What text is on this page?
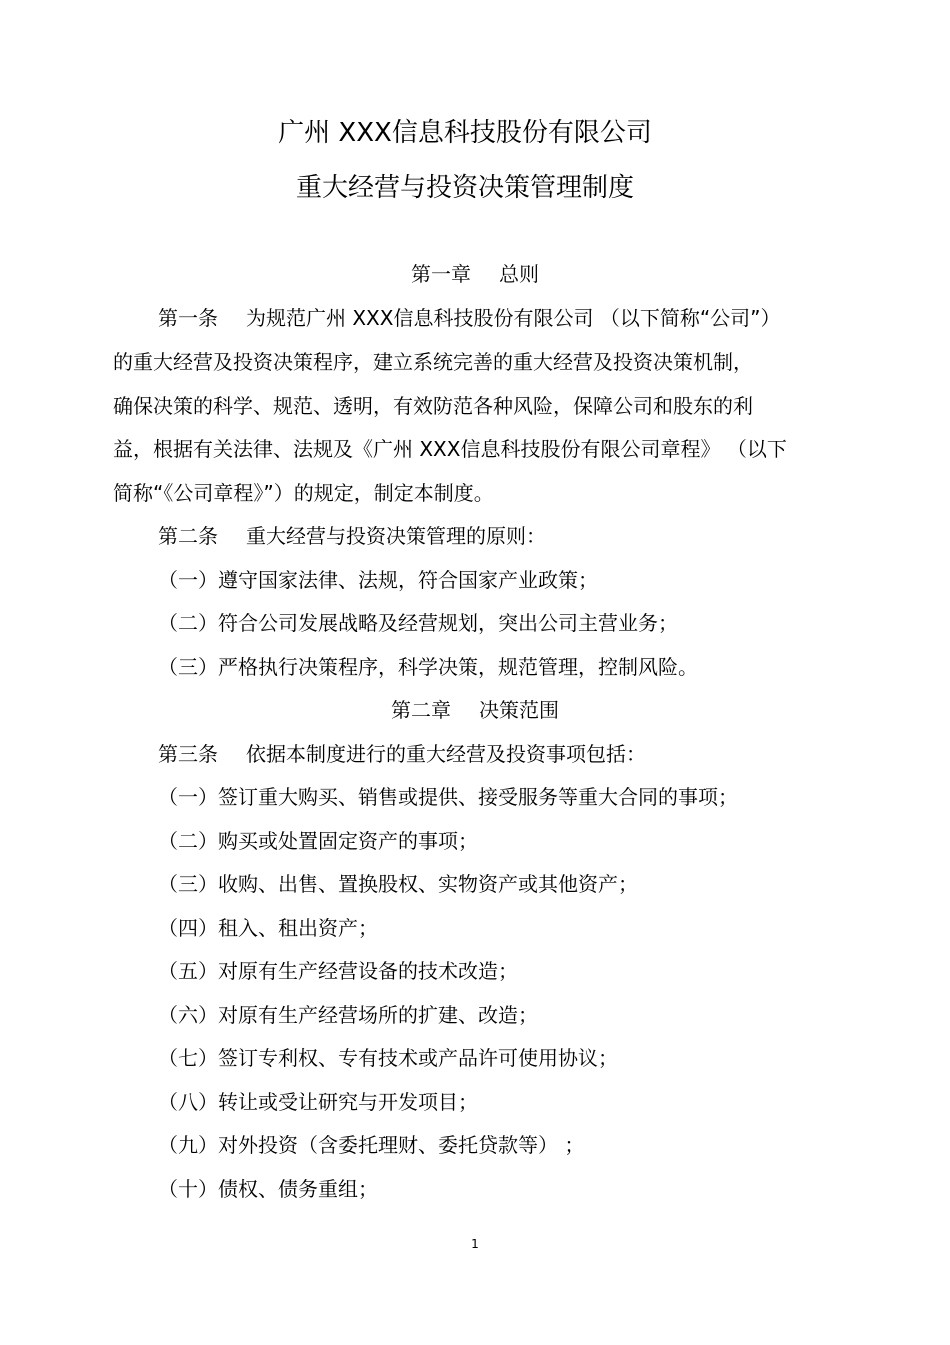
广州 XXX信息科技股份有限公司
重大经营与投资决策管理制度
第一章 总则
第一条 为规范广州 XXX信息科技股份有限公司 （以下简称“公司”）
的重大经营及投资决策程序，建立系统完善的重大经营及投资决策机制，
确保决策的科学、规范、透明，有效防范各种风险，保障公司和股东的利
益，根据有关法律、法规及《广州 XXX信息科技股份有限公司章程》 （以下
简称“《公司章程》”）的规定，制定本制度。
第二条 重大经营与投资决策管理的原则：
（一）遵守国家法律、法规，符合国家产业政策；
（二）符合公司发展战略及经营规划，突出公司主营业务；
（三）严格执行决策程序，科学决策，规范管理，控制风险。
第二章 决策范围
第三条 依据本制度进行的重大经营及投资事项包括：
（一）签订重大购买、销售或提供、接受服务等重大合同的事项；
（二）购买或处置固定资产的事项；
（三）收购、出售、置换股权、实物资产或其他资产；
（四）租入、租出资产；
（五）对原有生产经营设备的技术改造；
（六）对原有生产经营场所的扩建、改造；
（七）签订专利权、专有技术或产品许可使用协议；
（八）转让或受让研究与开发项目；
（九）对外投资（含委托理财、委托贷款等） ；
（十）债权、债务重组；
1
